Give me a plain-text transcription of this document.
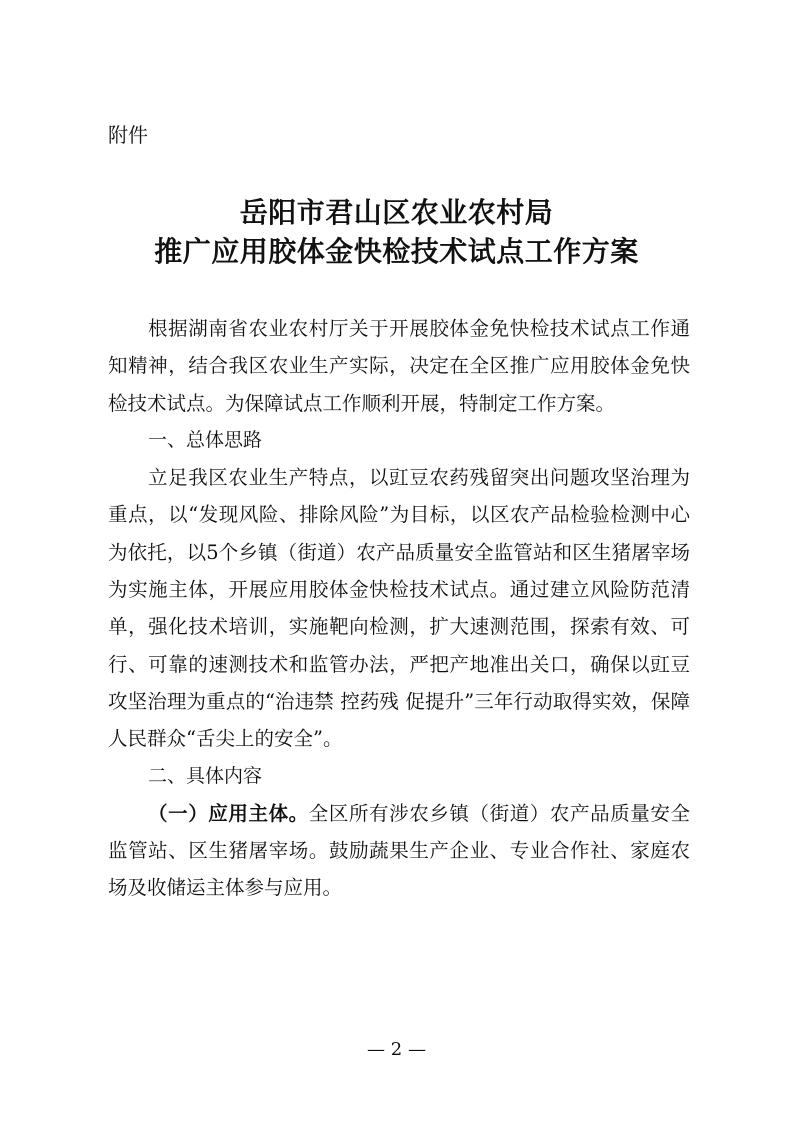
附件

岳阳市君山区农业农村局
推广应用胶体金快检技术试点工作方案

根据湖南省农业农村厅关于开展胶体金免快检技术试点工作通知精神，结合我区农业生产实际，决定在全区推广应用胶体金免快检技术试点。为保障试点工作顺利开展，特制定工作方案。

一、总体思路

立足我区农业生产特点，以豇豆农药残留突出问题攻坚治理为重点，以“发现风险、排除风险”为目标，以区农产品检验检测中心为依托，以5个乡镇（街道）农产品质量安全监管站和区生猪屠宰场为实施主体，开展应用胶体金快检技术试点。通过建立风险防范清单，强化技术培训，实施靶向检测，扩大速测范围，探索有效、可行、可靠的速测技术和监管办法，严把产地准出关口，确保以豇豆攻坚治理为重点的“治违禁 控药残 促提升”三年行动取得实效，保障人民群众“舌尖上的安全”。

二、具体内容

（一）应用主体。全区所有涉农乡镇（街道）农产品质量安全监管站、区生猪屠宰场。鼓励蔬果生产企业、专业合作社、家庭农场及收储运主体参与应用。

— 2 —
